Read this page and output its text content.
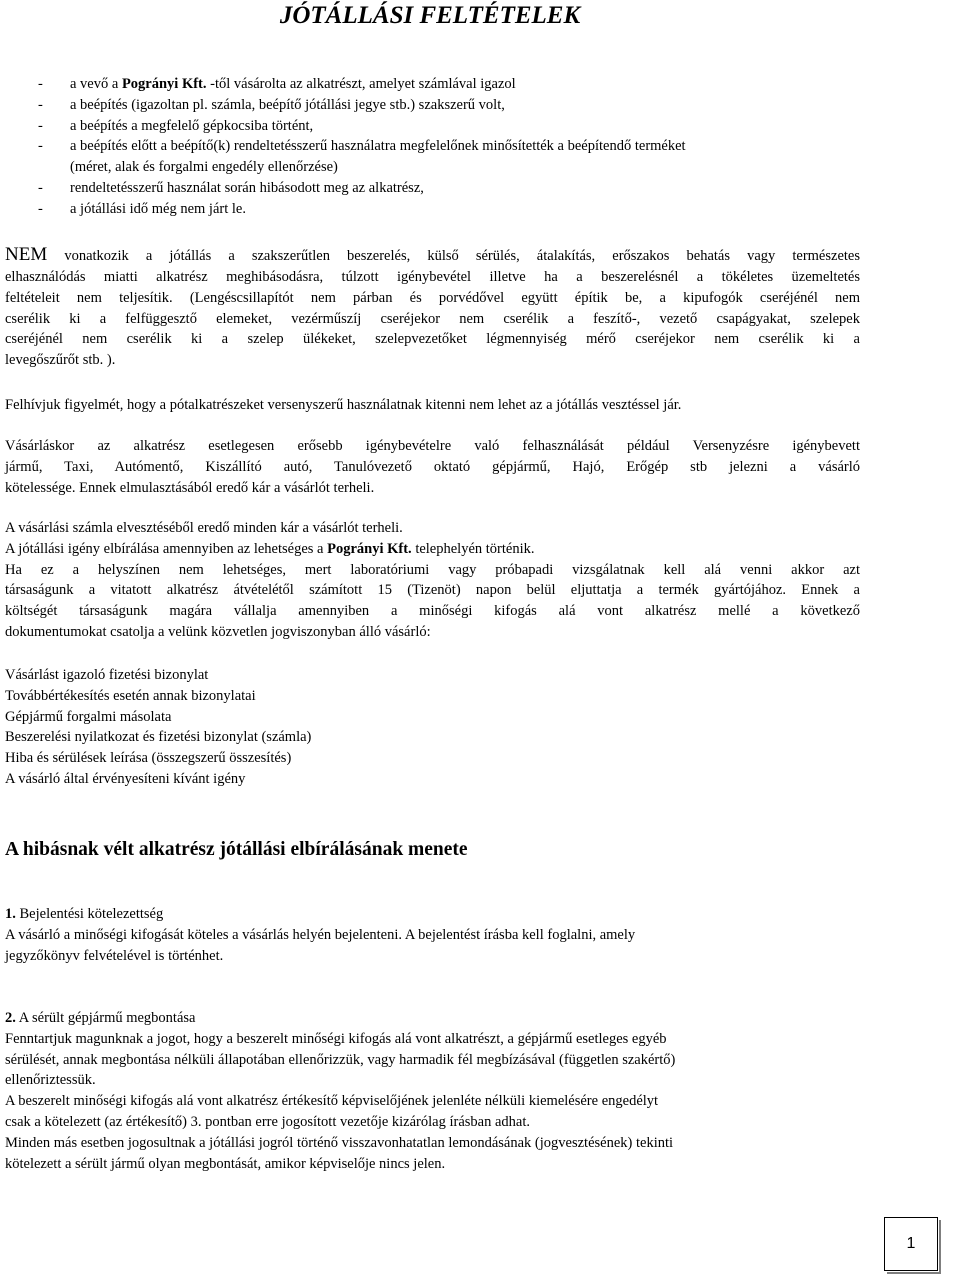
JÓTÁLLÁSI FELTÉTELEK
- a vevő a Pogrányi Kft. -től vásárolta az alkatrészt, amelyet számlával igazol
- a beépítés (igazoltan pl. számla, beépítő jótállási jegye stb.) szakszerű volt,
- a beépítés a megfelelő gépkocsiba történt,
- a beépítés előtt a beépítő(k) rendeltetésszerű használatra megfelelőnek minősítették a beépítendő terméket
(méret, alak és forgalmi engedély ellenőrzése)
- rendeltetésszerű használat során hibásodott meg az alkatrész,
- a jótállási idő még nem járt le.
NEM vonatkozik a jótállás a szakszerűtlen beszerelés, külső sérülés, átalakítás, erőszakos behatás vagy természetes
elhasználódás miatti alkatrész meghibásodásra, túlzott igénybevétel illetve ha a beszerelésnél a tökéletes üzemeltetés
feltételeit nem teljesítik. (Lengéscsillapítót nem párban és porvédővel együtt építik be, a kipufogók cseréjénél nem
cserélik ki a felfüggesztő elemeket, vezérműszíj cseréjekor nem cserélik a feszítő-, vezető csapágyakat, szelepek
cseréjénél nem cserélik ki a szelep ülékeket, szelepvezetőket légmennyiség mérő cseréjekor nem cserélik ki a
levegőszűrőt stb. ).
Felhívjuk figyelmét, hogy a pótalkatrészeket versenyszerű használatnak kitenni nem lehet az a jótállás vesztéssel jár.
Vásárláskor az alkatrész esetlegesen erősebb igénybevételre való felhasználását például Versenyzésre igénybevett
jármű, Taxi, Autómentő, Kiszállító autó, Tanulóvezető oktató gépjármű, Hajó, Erőgép stb jelezni a vásárló
kötelessége. Ennek elmulasztásából eredő kár a vásárlót terheli.
A vásárlási számla elvesztéséből eredő minden kár a vásárlót terheli.
A jótállási igény elbírálása amennyiben az lehetséges a Pogrányi Kft. telephelyén történik.
Ha ez a helyszínen nem lehetséges, mert laboratóriumi vagy próbapadi vizsgálatnak kell alá venni akkor azt
társaságunk a vitatott alkatrész átvételétől számított 15 (Tizenöt) napon belül eljuttatja a termék gyártójához. Ennek a
költségét társaságunk magára vállalja amennyiben a minőségi kifogás alá vont alkatrész mellé a következő
dokumentumokat csatolja a velünk közvetlen jogviszonyban álló vásárló:
Vásárlást igazoló fizetési bizonylat
Továbbértékesítés esetén annak bizonylatai
Gépjármű forgalmi másolata
Beszerelési nyilatkozat és fizetési bizonylat (számla)
Hiba és sérülések leírása (összegszerű összesítés)
A vásárló által érvényesíteni kívánt igény
A hibásnak vélt alkatrész jótállási elbírálásának menete
1. Bejelentési kötelezettség
A vásárló a minőségi kifogását köteles a vásárlás helyén bejelenteni. A bejelentést írásba kell foglalni, amely
jegyzőkönyv felvételével is történhet.
2. A sérült gépjármű megbontása
Fenntartjuk magunknak a jogot, hogy a beszerelt minőségi kifogás alá vont alkatrészt, a gépjármű esetleges egyéb
sérülését, annak megbontása nélküli állapotában ellenőrizzük, vagy harmadik fél megbízásával (független szakértő)
ellenőriztessük.
A beszerelt minőségi kifogás alá vont alkatrész értékesítő képviselőjének jelenléte nélküli kiemelésére engedélyt
csak a kötelezett (az értékesítő) 3. pontban erre jogosított vezetője kizárólag írásban adhat.
Minden más esetben jogosultnak a jótállási jogról történő visszavonhatatlan lemondásának (jogvesztésének) tekinti
kötelezett a sérült jármű olyan megbontását, amikor képviselője nincs jelen.
1
